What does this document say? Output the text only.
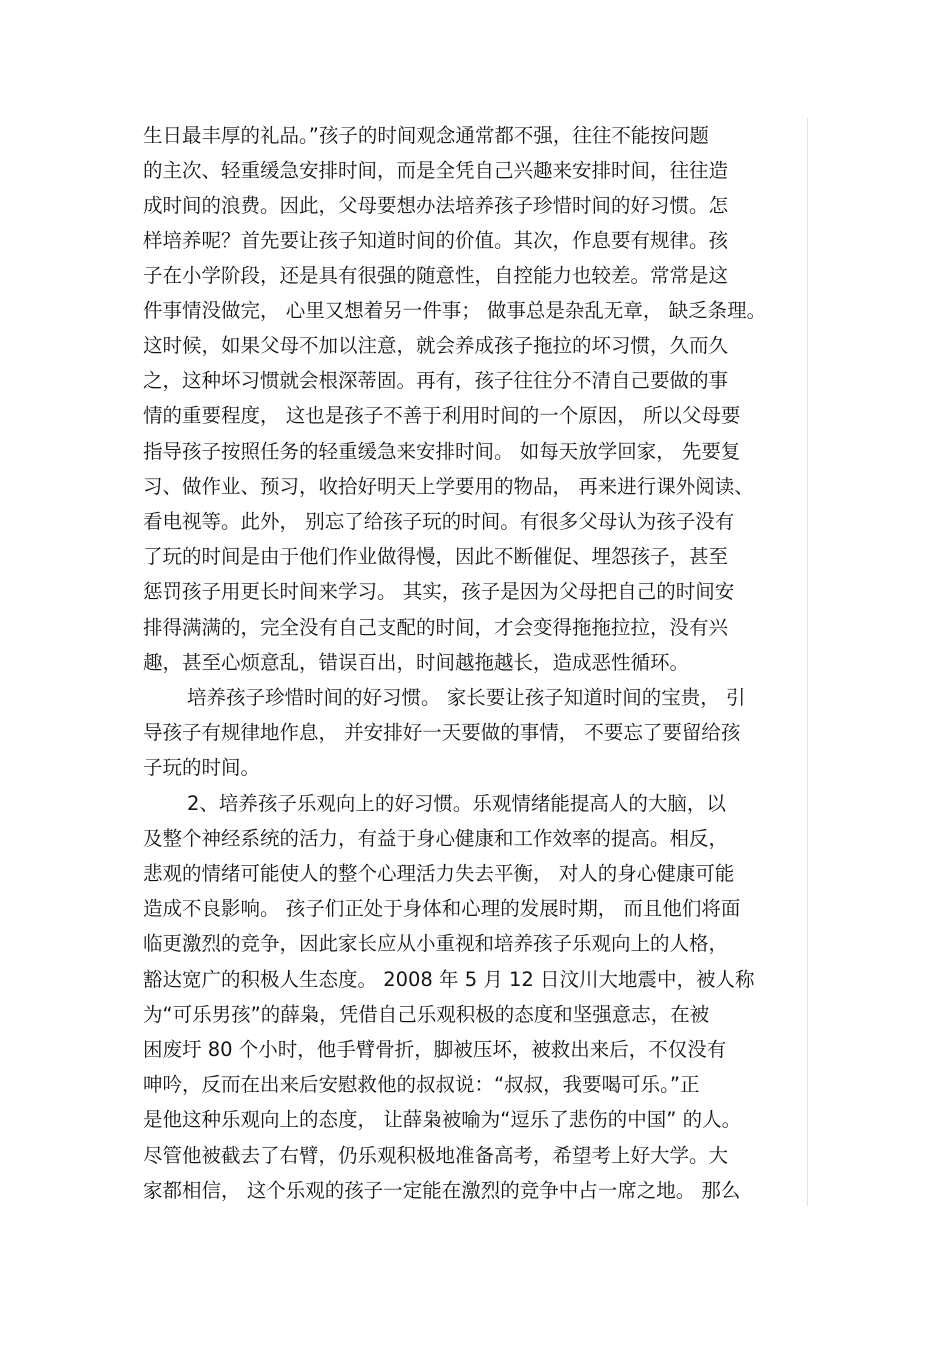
生日最丰厚的礼品。”孩子的时间观念通常都不强，往往不能按问题
的主次、轻重缓急安排时间，而是全凭自己兴趣来安排时间，往往造
成时间的浪费。因此，父母要想办法培养孩子珍惜时间的好习惯。怎
样培养呢？首先要让孩子知道时间的价值。其次，作息要有规律。孩
子在小学阶段，还是具有很强的随意性，自控能力也较差。常常是这
件事情没做完， 心里又想着另一件事； 做事总是杂乱无章， 缺乏条理。
这时候，如果父母不加以注意，就会养成孩子拖拉的坏习惯，久而久
之，这种坏习惯就会根深蒂固。再有，孩子往往分不清自己要做的事
情的重要程度， 这也是孩子不善于利用时间的一个原因， 所以父母要
指导孩子按照任务的轻重缓急来安排时间。 如每天放学回家， 先要复
习、做作业、预习，收拾好明天上学要用的物品， 再来进行课外阅读、
看电视等。此外， 别忘了给孩子玩的时间。有很多父母认为孩子没有
了玩的时间是由于他们作业做得慢，因此不断催促、埋怨孩子，甚至
惩罚孩子用更长时间来学习。 其实，孩子是因为父母把自己的时间安
排得满满的，完全没有自己支配的时间，才会变得拖拖拉拉，没有兴
趣，甚至心烦意乱，错误百出，时间越拖越长，造成恶性循环。
培养孩子珍惜时间的好习惯。 家长要让孩子知道时间的宝贵， 引
导孩子有规律地作息， 并安排好一天要做的事情， 不要忘了要留给孩
子玩的时间。
2、培养孩子乐观向上的好习惯。乐观情绪能提高人的大脑，以
及整个神经系统的活力，有益于身心健康和工作效率的提高。相反，
悲观的情绪可能使人的整个心理活力失去平衡， 对人的身心健康可能
造成不良影响。 孩子们正处于身体和心理的发展时期， 而且他们将面
临更激烈的竞争，因此家长应从小重视和培养孩子乐观向上的人格，
豁达宽广的积极人生态度。 2008 年 5 月 12 日汶川大地震中，被人称
为“可乐男孩”的薛枭，凭借自己乐观积极的态度和坚强意志，在被
困废圩 80 个小时，他手臂骨折，脚被压坏，被救出来后，不仅没有
呻吟，反而在出来后安慰救他的叔叔说：“叔叔，我要喝可乐。”正
是他这种乐观向上的态度， 让薛枭被喻为“逗乐了悲伤的中国” 的人。
尽管他被截去了右臂，仍乐观积极地准备高考，希望考上好大学。大
家都相信， 这个乐观的孩子一定能在激烈的竞争中占一席之地。 那么
